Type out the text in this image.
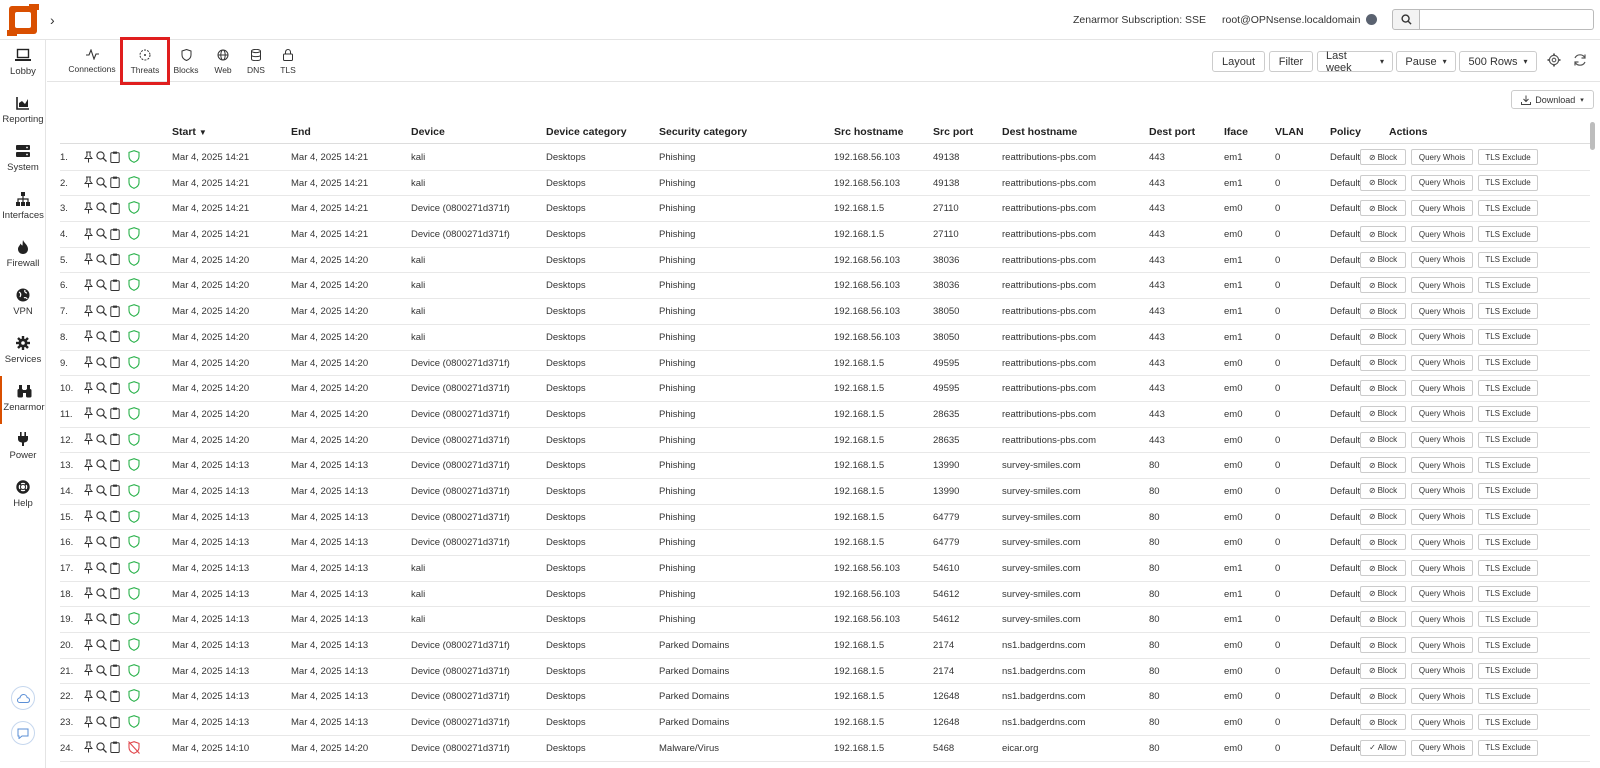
›	Zenarmor Subscription: SSE root@OPNsense.localdomain
Lobby
Reporting
System
Interfaces
Firewall
VPN
Services
Zenarmor
Power
Help
Connections Threats Blocks Web DNS TLS
Layout Filter Last week	▾ Pause ▾ 500 Rows ▾
Download ▾
Start ▼	End	Device	Device category	Security category	Src hostname	Src port	Dest hostname	Dest port	Iface	VLAN	Policy	Actions
1.	Mar 4, 2025 14:21	Mar 4, 2025 14:21	kali	Desktops	Phishing	192.168.56.103	49138	reattributions-pbs.com	443	em1	0	Default ⊘ Block	Query Whois	TLS Exclude
2.	Mar 4, 2025 14:21	Mar 4, 2025 14:21	kali	Desktops	Phishing	192.168.56.103	49138	reattributions-pbs.com	443	em1	0	Default ⊘ Block	Query Whois	TLS Exclude
3.	Mar 4, 2025 14:21	Mar 4, 2025 14:21	Device (0800271d371f)	Desktops	Phishing	192.168.1.5	27110	reattributions-pbs.com	443	em0	0	Default ⊘ Block	Query Whois	TLS Exclude
4.	Mar 4, 2025 14:21	Mar 4, 2025 14:21	Device (0800271d371f)	Desktops	Phishing	192.168.1.5	27110	reattributions-pbs.com	443	em0	0	Default ⊘ Block	Query Whois	TLS Exclude
5.	Mar 4, 2025 14:20	Mar 4, 2025 14:20	kali	Desktops	Phishing	192.168.56.103	38036	reattributions-pbs.com	443	em1	0	Default ⊘ Block	Query Whois	TLS Exclude
6.	Mar 4, 2025 14:20	Mar 4, 2025 14:20	kali	Desktops	Phishing	192.168.56.103	38036	reattributions-pbs.com	443	em1	0	Default ⊘ Block	Query Whois	TLS Exclude
7.	Mar 4, 2025 14:20	Mar 4, 2025 14:20	kali	Desktops	Phishing	192.168.56.103	38050	reattributions-pbs.com	443	em1	0	Default ⊘ Block	Query Whois	TLS Exclude
8.	Mar 4, 2025 14:20	Mar 4, 2025 14:20	kali	Desktops	Phishing	192.168.56.103	38050	reattributions-pbs.com	443	em1	0	Default ⊘ Block	Query Whois	TLS Exclude
9.	Mar 4, 2025 14:20	Mar 4, 2025 14:20	Device (0800271d371f)	Desktops	Phishing	192.168.1.5	49595	reattributions-pbs.com	443	em0	0	Default ⊘ Block	Query Whois	TLS Exclude
10.	Mar 4, 2025 14:20	Mar 4, 2025 14:20	Device (0800271d371f)	Desktops	Phishing	192.168.1.5	49595	reattributions-pbs.com	443	em0	0	Default ⊘ Block	Query Whois	TLS Exclude
11.	Mar 4, 2025 14:20	Mar 4, 2025 14:20	Device (0800271d371f)	Desktops	Phishing	192.168.1.5	28635	reattributions-pbs.com	443	em0	0	Default ⊘ Block	Query Whois	TLS Exclude
12.	Mar 4, 2025 14:20	Mar 4, 2025 14:20	Device (0800271d371f)	Desktops	Phishing	192.168.1.5	28635	reattributions-pbs.com	443	em0	0	Default ⊘ Block	Query Whois	TLS Exclude
13.	Mar 4, 2025 14:13	Mar 4, 2025 14:13	Device (0800271d371f)	Desktops	Phishing	192.168.1.5	13990	survey-smiles.com	80	em0	0	Default ⊘ Block	Query Whois	TLS Exclude
14.	Mar 4, 2025 14:13	Mar 4, 2025 14:13	Device (0800271d371f)	Desktops	Phishing	192.168.1.5	13990	survey-smiles.com	80	em0	0	Default ⊘ Block	Query Whois	TLS Exclude
15.	Mar 4, 2025 14:13	Mar 4, 2025 14:13	Device (0800271d371f)	Desktops	Phishing	192.168.1.5	64779	survey-smiles.com	80	em0	0	Default ⊘ Block	Query Whois	TLS Exclude
16.	Mar 4, 2025 14:13	Mar 4, 2025 14:13	Device (0800271d371f)	Desktops	Phishing	192.168.1.5	64779	survey-smiles.com	80	em0	0	Default ⊘ Block	Query Whois	TLS Exclude
17.	Mar 4, 2025 14:13	Mar 4, 2025 14:13	kali	Desktops	Phishing	192.168.56.103	54610	survey-smiles.com	80	em1	0	Default ⊘ Block	Query Whois	TLS Exclude
18.	Mar 4, 2025 14:13	Mar 4, 2025 14:13	kali	Desktops	Phishing	192.168.56.103	54612	survey-smiles.com	80	em1	0	Default ⊘ Block	Query Whois	TLS Exclude
19.	Mar 4, 2025 14:13	Mar 4, 2025 14:13	kali	Desktops	Phishing	192.168.56.103	54612	survey-smiles.com	80	em1	0	Default ⊘ Block	Query Whois	TLS Exclude
20.	Mar 4, 2025 14:13	Mar 4, 2025 14:13	Device (0800271d371f)	Desktops	Parked Domains	192.168.1.5	2174	ns1.badgerdns.com	80	em0	0	Default ⊘ Block	Query Whois	TLS Exclude
21.	Mar 4, 2025 14:13	Mar 4, 2025 14:13	Device (0800271d371f)	Desktops	Parked Domains	192.168.1.5	2174	ns1.badgerdns.com	80	em0	0	Default ⊘ Block	Query Whois	TLS Exclude
22.	Mar 4, 2025 14:13	Mar 4, 2025 14:13	Device (0800271d371f)	Desktops	Parked Domains	192.168.1.5	12648	ns1.badgerdns.com	80	em0	0	Default ⊘ Block	Query Whois	TLS Exclude
23.	Mar 4, 2025 14:13	Mar 4, 2025 14:13	Device (0800271d371f)	Desktops	Parked Domains	192.168.1.5	12648	ns1.badgerdns.com	80	em0	0	Default ⊘ Block	Query Whois	TLS Exclude
24.	Mar 4, 2025 14:10	Mar 4, 2025 14:20	Device (0800271d371f)	Desktops	Malware/Virus	192.168.1.5	5468	eicar.org	80	em0	0	Default ✓ Allow	Query Whois	TLS Exclude
